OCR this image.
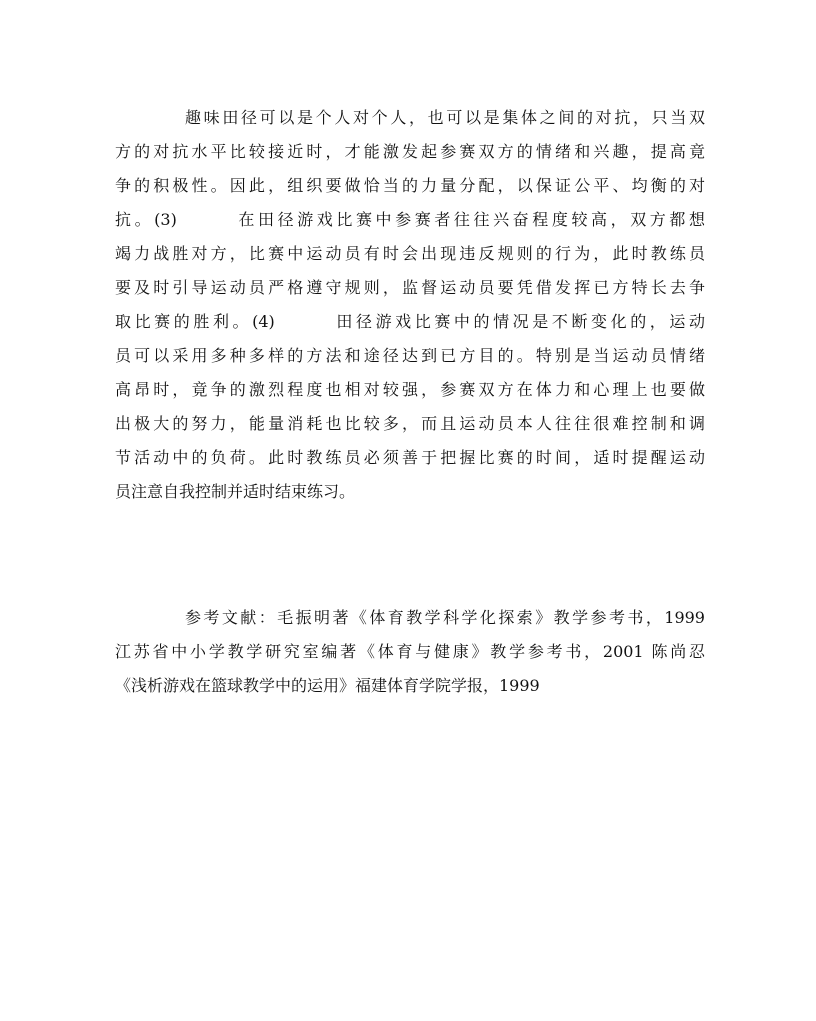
趣味田径可以是个人对个人，也可以是集体之间的对抗，只当双
方的对抗水平比较接近时，才能激发起参赛双方的情绪和兴趣，提高竟
争的积极性。因此，组织要做恰当的力量分配，以保证公平、均衡的对
抗。(3)	在田径游戏比赛中参赛者往往兴奋程度较高，双方都想
竭力战胜对方，比赛中运动员有时会出现违反规则的行为，此时教练员
要及时引导运动员严格遵守规则，监督运动员要凭借发挥已方特长去争
取比赛的胜利。(4)	田径游戏比赛中的情况是不断变化的，运动
员可以采用多种多样的方法和途径达到已方目的。特别是当运动员情绪
高昂时，竟争的激烈程度也相对较强，参赛双方在体力和心理上也要做
出极大的努力，能量消耗也比较多，而且运动员本人往往很难控制和调
节活动中的负荷。此时教练员必须善于把握比赛的时间，适时提醒运动
员注意自我控制并适时结束练习。
参考文献：毛振明著《体育教学科学化探索》教学参考书，1999
江苏省中小学教学研究室编著《体育与健康》教学参考书，2001 陈尚忍
《浅析游戏在篮球教学中的运用》福建体育学院学报，1999
